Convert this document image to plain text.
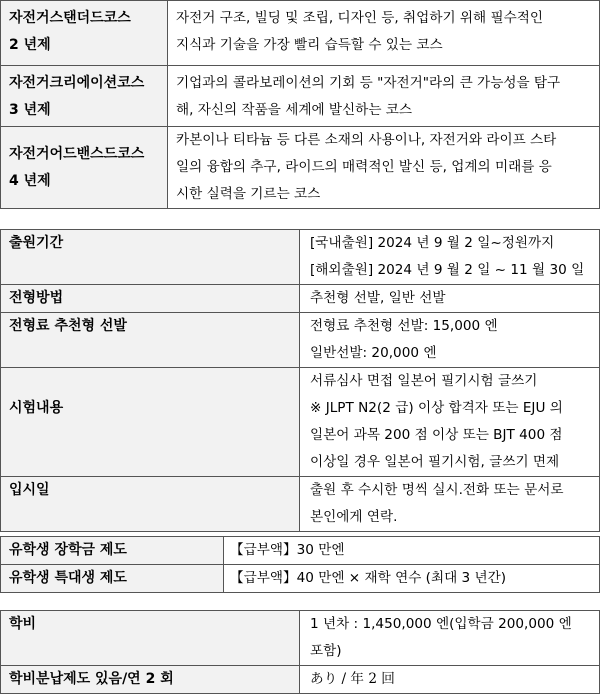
자전거스탠더드코스
2 년제	자전거 구조, 빌딩 및 조립, 디자인 등, 취업하기 위해 필수적인
지식과 기술을 가장 빨리 습득할 수 있는 코스

자전거크리에이션코스
3 년제	기업과의 콜라보레이션의 기회 등 "자전거"라의 큰 가능성을 탐구
해, 자신의 작품을 세계에 발신하는 코스

자전거어드밴스드코스
4 년제	카본이나 티타늄 등 다른 소재의 사용이나, 자전거와 라이프 스타
일의 융합의 추구, 라이드의 매력적인 발신 등, 업계의 미래를 응
시한 실력을 기르는 코스
출원기간	[국내출원] 2024 년 9 월 2 일~정원까지
[해외출원] 2024 년 9 월 2 일 ~ 11 월 30 일

전형방법	추천형 선발, 일반 선발

전형료 추천형 선발	전형료 추천형 선발: 15,000 엔
일반선발: 20,000 엔

시험내용	서류심사 면접 일본어 필기시험 글쓰기
※ JLPT N2(2 급) 이상 합격자 또는 EJU 의
일본어 과목 200 점 이상 또는 BJT 400 점
이상일 경우 일본어 필기시험, 글쓰기 면제

입시일	출원 후 수시한 명씩 실시.전화 또는 문서로
본인에게 연락.
유학생 장학금 제도	【급부액】30 만엔

유학생 특대생 제도	【급부액】40 만엔 × 재학 연수 (최대 3 년간)
학비	1 년차 : 1,450,000 엔(입학금 200,000 엔
포함)

학비분납제도 있음/연 2 회	あり / 年 2 回
